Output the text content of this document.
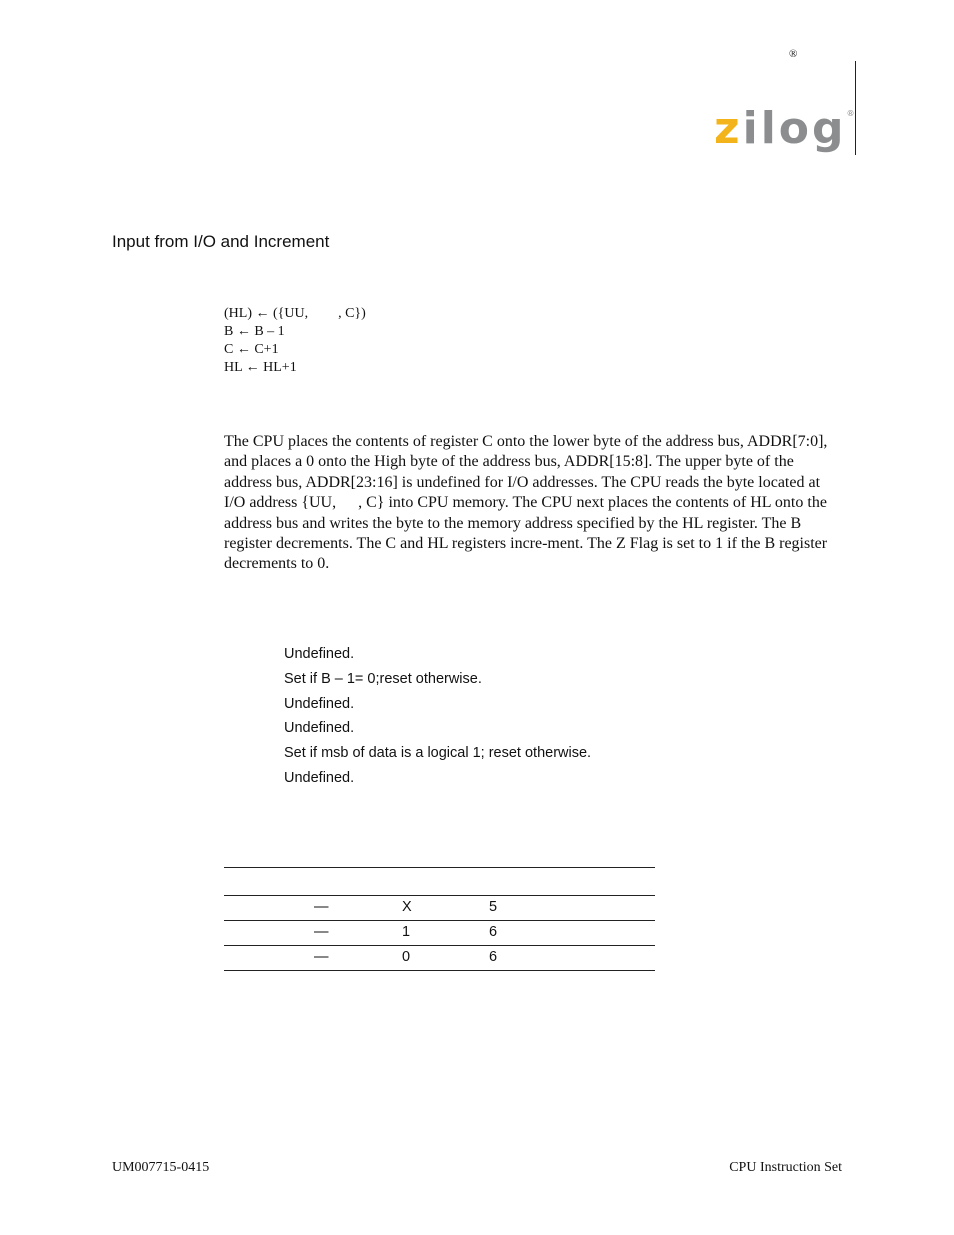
®
zilog®
Input from I/O and Increment
(HL) ← ({UU, , C})
B ← B – 1
C ← C+1
HL ← HL+1
The CPU places the contents of register C onto the lower byte of the address bus, ADDR[7:0], and places a 0 onto the High byte of the address bus, ADDR[15:8]. The upper byte of the address bus, ADDR[23:16] is undefined for I/O addresses. The CPU reads the byte located at I/O address {UU, , C} into CPU memory. The CPU next places the contents of HL onto the address bus and writes the byte to the memory address specified by the HL register. The B register decrements. The C and HL registers incre-ment. The Z Flag is set to 1 if the B register decrements to 0.
Undefined.
Set if B – 1= 0;reset otherwise.
Undefined.
Undefined.
Set if msb of data is a logical 1; reset otherwise.
Undefined.
—	X	5
—	1	6
—	0	6
UM007715-0415	CPU Instruction Set
